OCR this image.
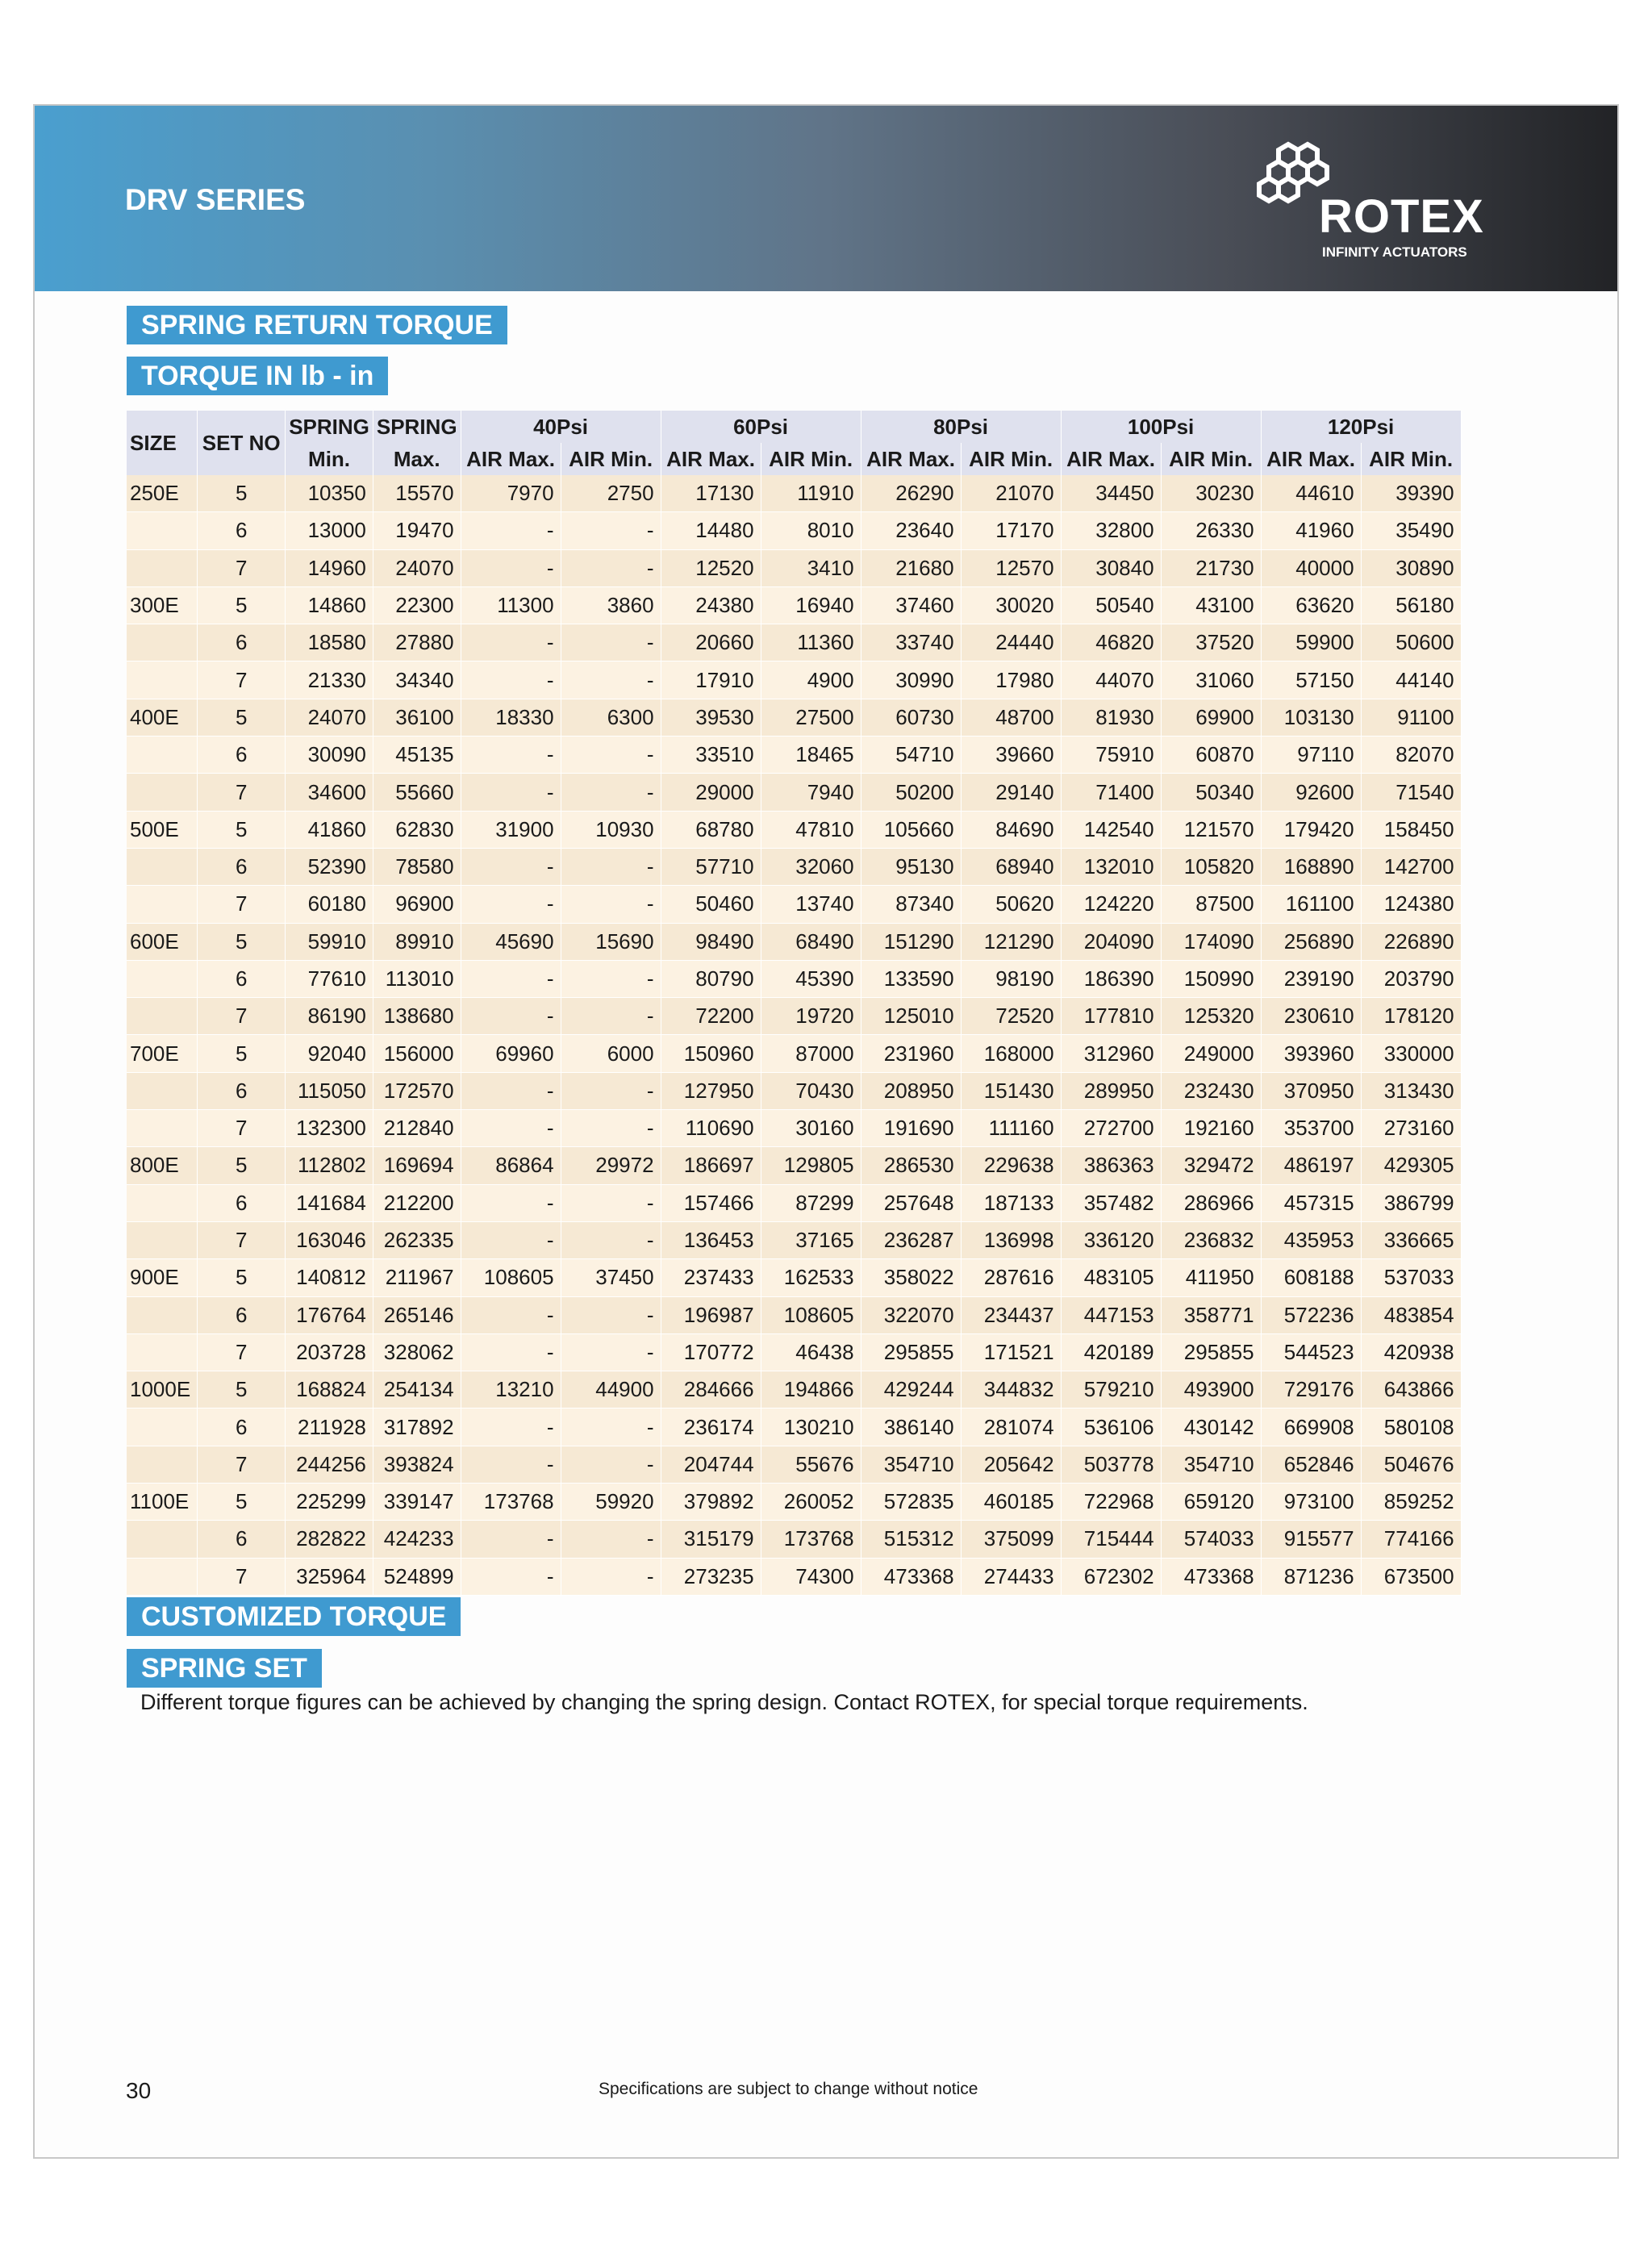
DRV SERIES	ROTEX
INFINITY ACTUATORS
SPRING RETURN TORQUE
TORQUE IN lb - in
SIZE	SET NO	SPRING	SPRING	40Psi		60Psi		80Psi		100Psi		120Psi	
		Min.	Max.	AIR Max.	AIR Min.	AIR Max.	AIR Min.	AIR Max.	AIR Min.	AIR Max.	AIR Min.	AIR Max.	AIR Min.
250E	5	10350	15570	7970	2750	17130	11910	26290	21070	34450	30230	44610	39390
	6	13000	19470	-	-	14480	8010	23640	17170	32800	26330	41960	35490
	7	14960	24070	-	-	12520	3410	21680	12570	30840	21730	40000	30890
300E	5	14860	22300	11300	3860	24380	16940	37460	30020	50540	43100	63620	56180
	6	18580	27880	-	-	20660	11360	33740	24440	46820	37520	59900	50600
	7	21330	34340	-	-	17910	4900	30990	17980	44070	31060	57150	44140
400E	5	24070	36100	18330	6300	39530	27500	60730	48700	81930	69900	103130	91100
	6	30090	45135	-	-	33510	18465	54710	39660	75910	60870	97110	82070
	7	34600	55660	-	-	29000	7940	50200	29140	71400	50340	92600	71540
500E	5	41860	62830	31900	10930	68780	47810	105660	84690	142540	121570	179420	158450
	6	52390	78580	-	-	57710	32060	95130	68940	132010	105820	168890	142700
	7	60180	96900	-	-	50460	13740	87340	50620	124220	87500	161100	124380
600E	5	59910	89910	45690	15690	98490	68490	151290	121290	204090	174090	256890	226890
	6	77610	113010	-	-	80790	45390	133590	98190	186390	150990	239190	203790
	7	86190	138680	-	-	72200	19720	125010	72520	177810	125320	230610	178120
700E	5	92040	156000	69960	6000	150960	87000	231960	168000	312960	249000	393960	330000
	6	115050	172570	-	-	127950	70430	208950	151430	289950	232430	370950	313430
	7	132300	212840	-	-	110690	30160	191690	111160	272700	192160	353700	273160
800E	5	112802	169694	86864	29972	186697	129805	286530	229638	386363	329472	486197	429305
	6	141684	212200	-	-	157466	87299	257648	187133	357482	286966	457315	386799
	7	163046	262335	-	-	136453	37165	236287	136998	336120	236832	435953	336665
900E	5	140812	211967	108605	37450	237433	162533	358022	287616	483105	411950	608188	537033
	6	176764	265146	-	-	196987	108605	322070	234437	447153	358771	572236	483854
	7	203728	328062	-	-	170772	46438	295855	171521	420189	295855	544523	420938
1000E	5	168824	254134	13210	44900	284666	194866	429244	344832	579210	493900	729176	643866
	6	211928	317892	-	-	236174	130210	386140	281074	536106	430142	669908	580108
	7	244256	393824	-	-	204744	55676	354710	205642	503778	354710	652846	504676
1100E	5	225299	339147	173768	59920	379892	260052	572835	460185	722968	659120	973100	859252
	6	282822	424233	-	-	315179	173768	515312	375099	715444	574033	915577	774166
	7	325964	524899	-	-	273235	74300	473368	274433	672302	473368	871236	673500
CUSTOMIZED TORQUE
SPRING SET
Different torque figures can be achieved by changing the spring design. Contact ROTEX, for special torque requirements.
30	Specifications are subject to change without notice
